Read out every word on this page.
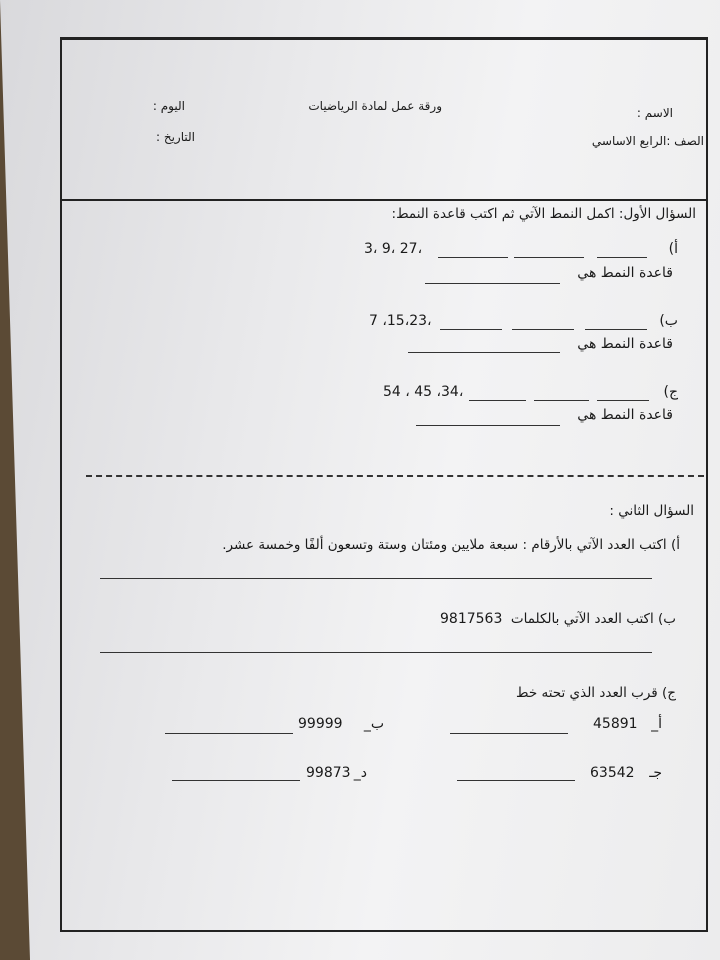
الاسم :
ورقة عمل لمادة الرياضيات
اليوم :
الصف :الرابع الاساسي
التاريخ :
السؤال الأول: اكمل النمط الآتي ثم اكتب قاعدة النمط:
أ)
3، 9، 27،
قاعدة النمط هي
ب)
7 ،15،23،
قاعدة النمط هي
ج)
54 ، 45 ،34،
قاعدة النمط هي
السؤال الثاني :
أ) اكتب العدد الآتي بالأرقام : سبعة ملايين ومئتان وستة وتسعون ألفًا وخمسة عشر.
ب) اكتب العدد الآتي بالكلمات
9817563
ج) قرب العدد الذي تحته خط
أ_
45891
ب_
99999
جـ
63542
د_
99873
